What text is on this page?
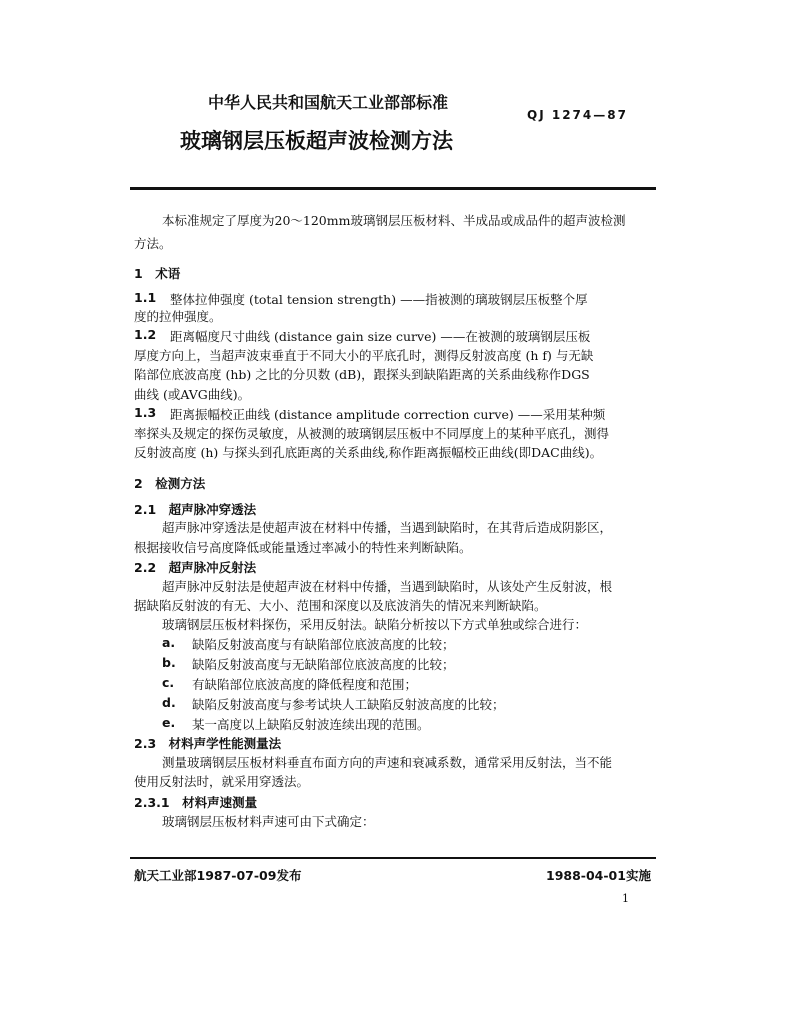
中华人民共和国航天工业部部标准
QJ 1274—87
玻璃钢层压板超声波检测方法
本标准规定了厚度为20～120mm玻璃钢层压板材料、半成品或成品件的超声波检测
方法。
1　术语
1.1 整体拉伸强度 (total tension strength) ——指被测的璃玻钢层压板整个厚
度的拉伸强度。
1.2 距离幅度尺寸曲线 (distance gain size curve) ——在被测的玻璃钢层压板
厚度方向上，当超声波束垂直于不同大小的平底孔时，测得反射波高度 (h f) 与无缺
陷部位底波高度 (hb) 之比的分贝数 (dB)，跟探头到缺陷距离的关系曲线称作DGS
曲线 (或AVG曲线)。
1.3 距离振幅校正曲线 (distance amplitude correction curve) ——采用某种频
率探头及规定的探伤灵敏度，从被测的玻璃钢层压板中不同厚度上的某种平底孔，测得
反射波高度 (h) 与探头到孔底距离的关系曲线,称作距离振幅校正曲线(即DAC曲线)。
2　检测方法
2.1　超声脉冲穿透法
超声脉冲穿透法是使超声波在材料中传播，当遇到缺陷时，在其背后造成阴影区，
根据接收信号高度降低或能量透过率减小的特性来判断缺陷。
2.2　超声脉冲反射法
超声脉冲反射法是使超声波在材料中传播，当遇到缺陷时，从该处产生反射波，根
据缺陷反射波的有无、大小、范围和深度以及底波消失的情况来判断缺陷。
玻璃钢层压板材料探伤，采用反射法。缺陷分析按以下方式单独或综合进行：
a. 缺陷反射波高度与有缺陷部位底波高度的比较；
b. 缺陷反射波高度与无缺陷部位底波高度的比较；
c. 有缺陷部位底波高度的降低程度和范围；
d. 缺陷反射波高度与参考试块人工缺陷反射波高度的比较；
e. 某一高度以上缺陷反射波连续出现的范围。
2.3　材料声学性能测量法
测量玻璃钢层压板材料垂直布面方向的声速和衰减系数，通常采用反射法，当不能
使用反射法时，就采用穿透法。
2.3.1　材料声速测量
玻璃钢层压板材料声速可由下式确定：
航天工业部1987-07-09发布	1988-04-01实施
1
